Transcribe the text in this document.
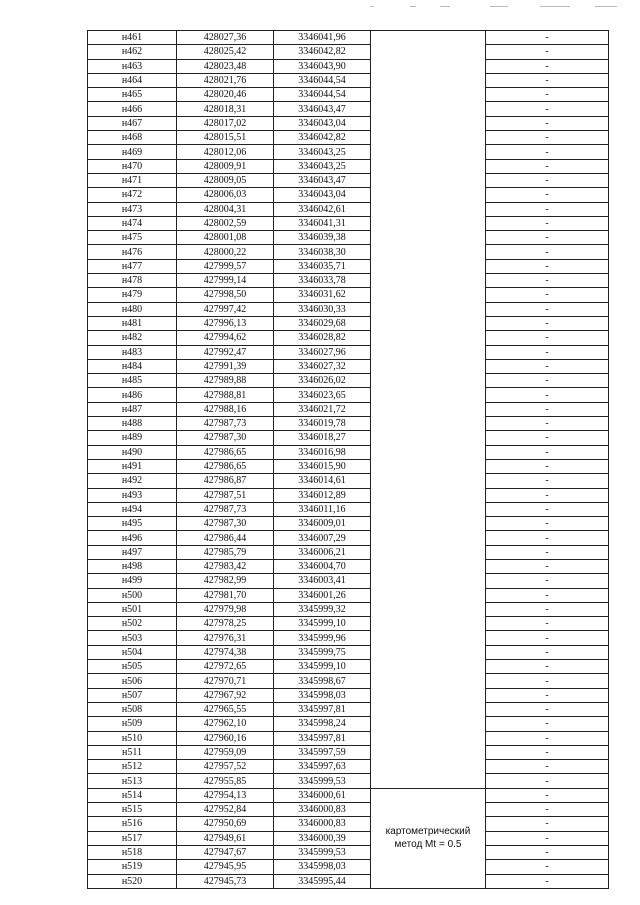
н461	428027,36	3346041,96		-
н462	428025,42	3346042,82		-
н463	428023,48	3346043,90		-
н464	428021,76	3346044,54		-
н465	428020,46	3346044,54		-
н466	428018,31	3346043,47		-
н467	428017,02	3346043,04		-
н468	428015,51	3346042,82		-
н469	428012,06	3346043,25		-
н470	428009,91	3346043,25		-
н471	428009,05	3346043,47		-
н472	428006,03	3346043,04		-
н473	428004,31	3346042,61		-
н474	428002,59	3346041,31		-
н475	428001,08	3346039,38		-
н476	428000,22	3346038,30		-
н477	427999,57	3346035,71		-
н478	427999,14	3346033,78		-
н479	427998,50	3346031,62		-
н480	427997,42	3346030,33		-
н481	427996,13	3346029,68		-
н482	427994,62	3346028,82		-
н483	427992,47	3346027,96		-
н484	427991,39	3346027,32		-
н485	427989,88	3346026,02		-
н486	427988,81	3346023,65		-
н487	427988,16	3346021,72		-
н488	427987,73	3346019,78		-
н489	427987,30	3346018,27		-
н490	427986,65	3346016,98		-
н491	427986,65	3346015,90		-
н492	427986,87	3346014,61		-
н493	427987,51	3346012,89		-
н494	427987,73	3346011,16		-
н495	427987,30	3346009,01		-
н496	427986,44	3346007,29		-
н497	427985,79	3346006,21		-
н498	427983,42	3346004,70		-
н499	427982,99	3346003,41		-
н500	427981,70	3346001,26		-
н501	427979,98	3345999,32		-
н502	427978,25	3345999,10		-
н503	427976,31	3345999,96		-
н504	427974,38	3345999,75		-
н505	427972,65	3345999,10		-
н506	427970,71	3345998,67		-
н507	427967,92	3345998,03		-
н508	427965,55	3345997,81		-
н509	427962,10	3345998,24		-
н510	427960,16	3345997,81		-
н511	427959,09	3345997,59		-
н512	427957,52	3345997,63		-
н513	427955,85	3345999,53		-
н514	427954,13	3346000,61	картометрический метод Mt = 0.5	-
н515	427952,84	3346000,83		-
н516	427950,69	3346000,83		-
н517	427949,61	3346000,39		-
н518	427947,67	3345999,53		-
н519	427945,95	3345998,03		-
н520	427945,73	3345995,44		-
